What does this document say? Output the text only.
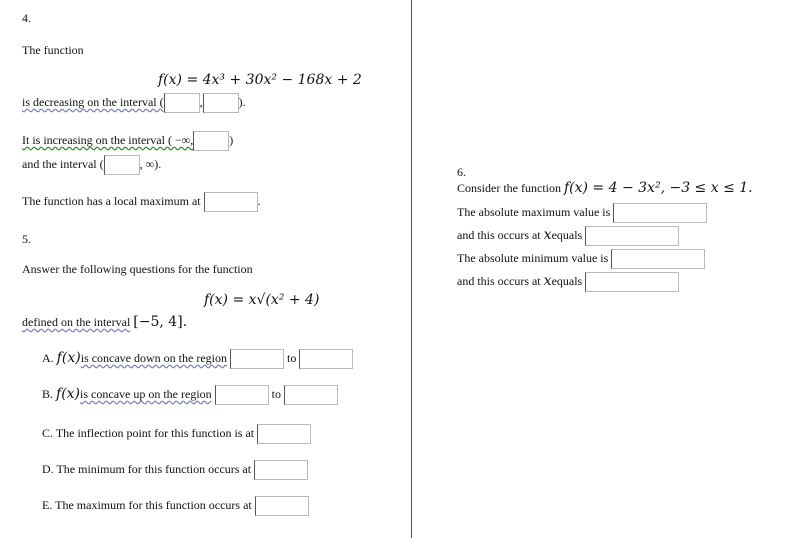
4.
The function
f(x) = 4x³ + 30x² − 168x + 2
is decreasing on the interval (	,	).
It is increasing on the interval ( −∞,	)
and the interval (	, ∞).
The function has a local maximum at	.
5.
Answer the following questions for the function
f(x) = x√(x² + 4)
defined on the interval [−5, 4].
A. f(x)is concave down on the region	to
B. f(x)is concave up on the region	to
C. The inflection point for this function is at
D. The minimum for this function occurs at
E. The maximum for this function occurs at
6.
Consider the function f(x) = 4 − 3x², −3 ≤ x ≤ 1.
The absolute maximum value is
and this occurs at xequals
The absolute minimum value is
and this occurs at xequals
